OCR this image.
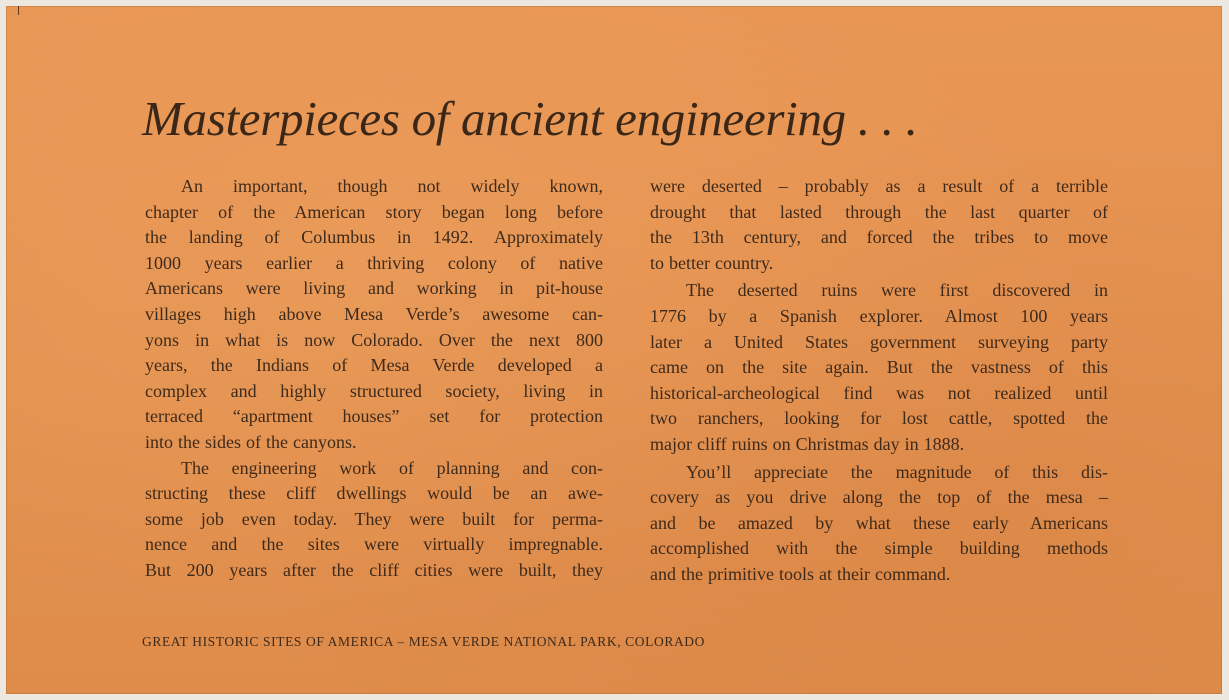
Masterpieces of ancient engineering . . .

An important, though not widely known,
chapter of the American story began long before
the landing of Columbus in 1492. Approximately
1000 years earlier a thriving colony of native
Americans were living and working in pit-house
villages high above Mesa Verde’s awesome can-
yons in what is now Colorado. Over the next 800
years, the Indians of Mesa Verde developed a
complex and highly structured society, living in
terraced “apartment houses” set for protection
into the sides of the canyons.

The engineering work of planning and con-
structing these cliff dwellings would be an awe-
some job even today. They were built for perma-
nence and the sites were virtually impregnable.
But 200 years after the cliff cities were built, they

were deserted – probably as a result of a terrible
drought that lasted through the last quarter of
the 13th century, and forced the tribes to move
to better country.

The deserted ruins were first discovered in
1776 by a Spanish explorer. Almost 100 years
later a United States government surveying party
came on the site again. But the vastness of this
historical-archeological find was not realized until
two ranchers, looking for lost cattle, spotted the
major cliff ruins on Christmas day in 1888.

You’ll appreciate the magnitude of this dis-
covery as you drive along the top of the mesa –
and be amazed by what these early Americans
accomplished with the simple building methods
and the primitive tools at their command.

GREAT HISTORIC SITES OF AMERICA – MESA VERDE NATIONAL PARK, COLORADO
